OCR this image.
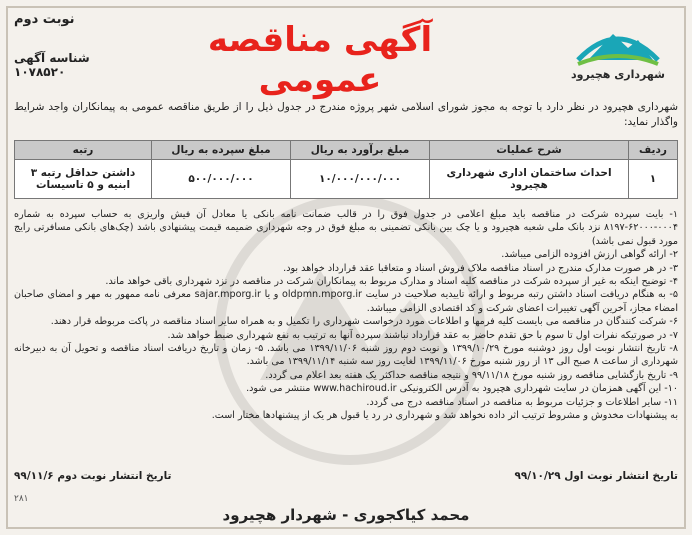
نوبت دوم
شناسه آگهی ۱۰۷۸۵۲۰
آگهی مناقصه عمومی	شهرداری هچیرود
شهرداری هچیرود در نظر دارد با توجه به مجوز شورای اسلامی شهر پروژه مندرج در جدول ذیل را از طریق مناقصه عمومی به پیمانکاران واجد شرایط واگذار نماید:
ردیف	شرح عملیات	مبلغ برآورد به ریال	مبلغ سپرده به ریال	رتبه
۱	احداث ساختمان اداری شهرداری هچیرود	۱۰/۰۰۰/۰۰۰/۰۰۰	۵۰۰/۰۰۰/۰۰۰	داشتن حداقل رتبه ۳ ابنیه و ۵ تاسیسات

۱- بایت سپرده شرکت در مناقصه باید مبلغ اعلامی در جدول فوق را در قالب ضمانت نامه بانکی یا معادل آن فیش واریزی به حساب سپرده به شماره ۰۰۰۴-۶۲۰۰۰-۸۱۹۷ نزد بانک ملی شعبه هچیرود و یا چک بین بانکی تضمینی به مبلغ فوق در وجه شهرداری ضمیمه قیمت پیشنهادی باشد (چک‌های بانکی مسافرتی رایج مورد قبول نمی باشد)

۲- ارائه گواهی ارزش افزوده الزامی میباشد.

۳- در هر صورت مدارک مندرج در اسناد مناقصه ملاک فروش اسناد و متعاقبا عقد قرارداد خواهد بود.

۴- توضیح اینکه به غیر از سپرده شرکت در مناقصه کلیه اسناد و مدارک مربوط به پیمانکاران شرکت در مناقصه در نزد شهرداری باقی خواهد ماند.

۵- به هنگام دریافت اسناد داشتن رتبه مربوط و ارائه تاییدیه صلاحیت در سایت oldpmn.mporg.ir و یا sajar.mporg.ir معرفی نامه ممهور به مهر و امضای صاحبان امضاء مجاز، آخرین آگهی تغییرات اعضای شرکت و کد اقتصادی الزامی میباشد.

۶- شرکت کنندگان در مناقصه می بایست کلیه فرمها و اطلاعات مورد درخواست شهرداری را تکمیل و به همراه سایر اسناد مناقصه در پاکت مربوطه قرار دهند.

۷- در صورتیکه نفرات اول تا سوم با حق تقدم حاضر به عقد قرارداد نباشند سپرده آنها به ترتیب به نفع شهرداری ضبط خواهد شد.

۸- تاریخ انتشار نوبت اول روز دوشنبه مورخ ۱۳۹۹/۱۰/۲۹ و نوبت دوم روز شنبه ۱۳۹۹/۱۱/۰۶ می باشد. ۵- زمان و تاریخ دریافت اسناد مناقصه و تحویل آن به دبیرخانه شهرداری از ساعت ۸ صبح الی ۱۳ از روز شنبه مورخ ۱۳۹۹/۱۱/۰۶ لغایت روز سه شنبه ۱۳۹۹/۱۱/۱۴ می باشد.

۹- تاریخ بازگشایی مناقصه روز شنبه مورخ ۹۹/۱۱/۱۸ و نتیجه مناقصه حداکثر یک هفته بعد اعلام می گردد.

۱۰- این آگهی همزمان در سایت شهرداری هچیرود به آدرس الکترونیکی www.hachiroud.ir منتشر می شود.

۱۱- سایر اطلاعات و جزئیات مربوط به مناقصه در اسناد مناقصه درج می گردد.

به پیشنهادات مخدوش و مشروط ترتیب اثر داده نخواهد شد و شهرداری در رد یا قبول هر یک از پیشنهادها مختار است.

تاریخ انتشار نوبت اول ۹۹/۱۰/۲۹
تاریخ انتشار نوبت دوم ۹۹/۱۱/۶
۲۸۱
محمد کیاکجوری - شهردار هچیرود
